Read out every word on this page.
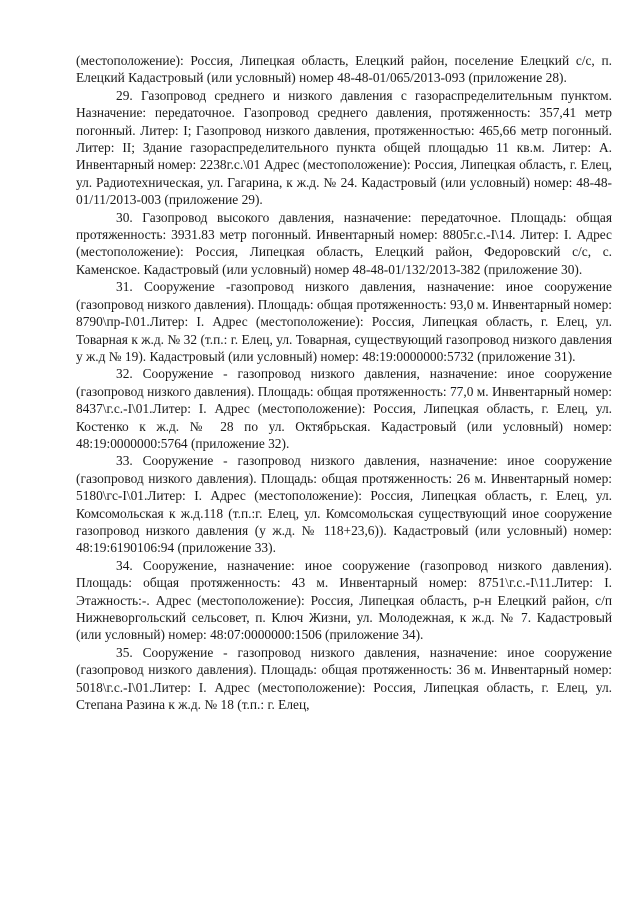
(местоположение): Россия, Липецкая область, Елецкий район, поселение Елецкий с/с, п. Елецкий Кадастровый (или условный) номер 48-48-01/065/2013-093 (приложение 28).

29. Газопровод среднего и низкого давления с газораспределительным пунктом. Назначение: передаточное. Газопровод среднего давления, протяженность: 357,41 метр погонный. Литер: I; Газопровод низкого давления, протяженностью: 465,66 метр погонный. Литер: II; Здание газораспределительного пункта общей площадью 11 кв.м. Литер: А. Инвентарный номер: 2238г.с.\01 Адрес (местоположение): Россия, Липецкая область, г. Елец, ул. Радиотехническая, ул. Гагарина, к ж.д. № 24. Кадастровый (или условный) номер: 48-48-01/11/2013-003 (приложение 29).

30. Газопровод высокого давления, назначение: передаточное. Площадь: общая протяженность: 3931.83 метр погонный. Инвентарный номер: 8805г.с.-I\14. Литер: I. Адрес (местоположение): Россия, Липецкая область, Елецкий район, Федоровский с/с, с. Каменское. Кадастровый (или условный) номер 48-48-01/132/2013-382 (приложение 30).

31. Сооружение -газопровод низкого давления, назначение: иное сооружение (газопровод низкого давления). Площадь: общая протяженность: 93,0 м. Инвентарный номер: 8790\пр-I\01.Литер: I. Адрес (местоположение): Россия, Липецкая область, г. Елец, ул. Товарная к ж.д. № 32 (т.п.: г. Елец, ул. Товарная, существующий газопровод низкого давления у ж.д № 19). Кадастровый (или условный) номер: 48:19:0000000:5732 (приложение 31).

32. Сооружение - газопровод низкого давления, назначение: иное сооружение (газопровод низкого давления). Площадь: общая протяженность: 77,0 м. Инвентарный номер: 8437\г.с.-I\01.Литер: I. Адрес (местоположение): Россия, Липецкая область, г. Елец, ул. Костенко к ж.д. № 28 по ул. Октябрьская. Кадастровый (или условный) номер: 48:19:0000000:5764 (приложение 32).

33. Сооружение - газопровод низкого давления, назначение: иное сооружение (газопровод низкого давления). Площадь: общая протяженность: 26 м. Инвентарный номер: 5180\гс-I\01.Литер: I. Адрес (местоположение): Россия, Липецкая область, г. Елец, ул. Комсомольская к ж.д.118 (т.п.:г. Елец, ул. Комсомольская существующий иное сооружение газопровод низкого давления (у ж.д. № 118+23,6)). Кадастровый (или условный) номер: 48:19:6190106:94 (приложение 33).

34. Сооружение, назначение: иное сооружение (газопровод низкого давления). Площадь: общая протяженность: 43 м. Инвентарный номер: 8751\г.с.-I\11.Литер: I. Этажность:-. Адрес (местоположение): Россия, Липецкая область, р-н Елецкий район, с/п Нижневоргольский сельсовет, п. Ключ Жизни, ул. Молодежная, к ж.д. № 7. Кадастровый (или условный) номер: 48:07:0000000:1506 (приложение 34).

35. Сооружение - газопровод низкого давления, назначение: иное сооружение (газопровод низкого давления). Площадь: общая протяженность: 36 м. Инвентарный номер: 5018\г.с.-I\01.Литер: I. Адрес (местоположение): Россия, Липецкая область, г. Елец, ул. Степана Разина к ж.д. № 18 (т.п.: г. Елец,
